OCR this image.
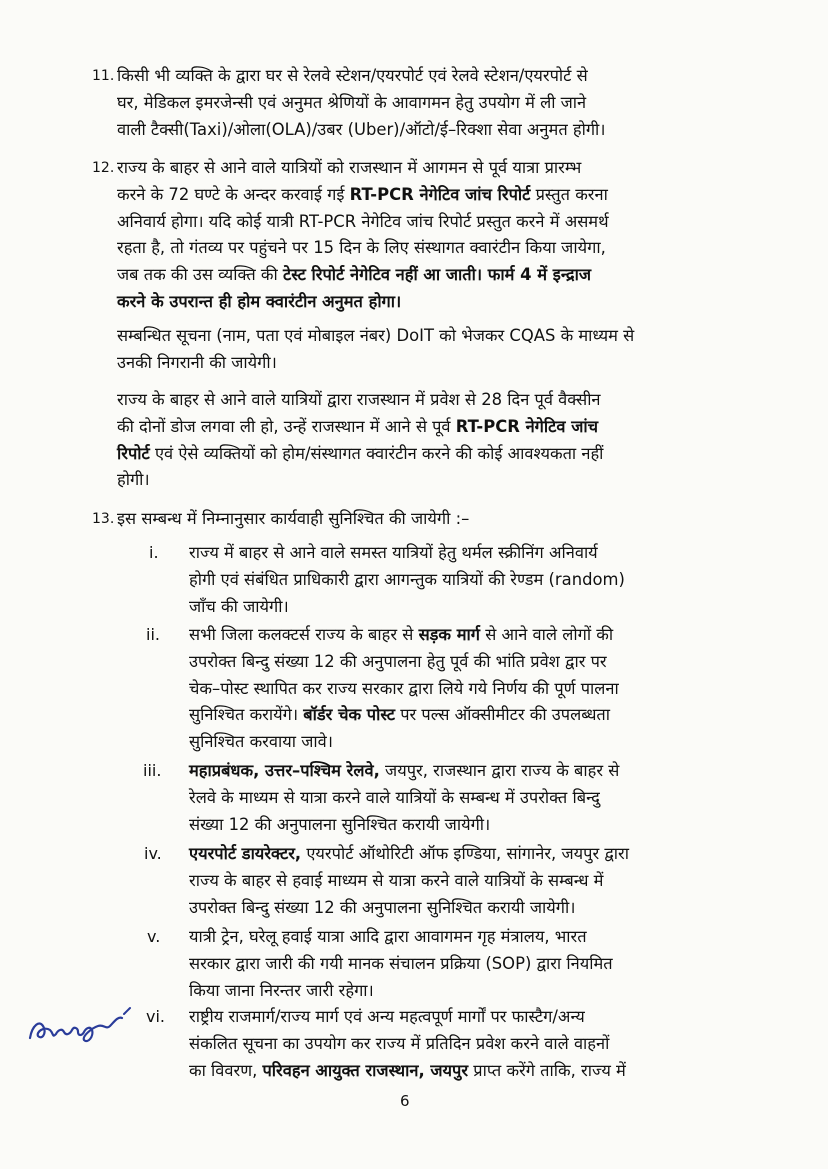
11. किसी भी व्यक्ति के द्वारा घर से रेलवे स्टेशन/एयरपोर्ट एवं रेलवे स्टेशन/एयरपोर्ट से
घर, मेडिकल इमरजेन्सी एवं अनुमत श्रेणियों के आवागमन हेतु उपयोग में ली जाने
वाली टैक्सी(Taxi)/ओला(OLA)/उबर (Uber)/ऑटो/ई–रिक्शा सेवा अनुमत होगी।
12. राज्य के बाहर से आने वाले यात्रियों को राजस्थान में आगमन से पूर्व यात्रा प्रारम्भ
करने के 72 घण्टे के अन्दर करवाई गई RT-PCR नेगेटिव जांच रिपोर्ट प्रस्तुत करना
अनिवार्य होगा। यदि कोई यात्री RT-PCR नेगेटिव जांच रिपोर्ट प्रस्तुत करने में असमर्थ
रहता है, तो गंतव्य पर पहुंचने पर 15 दिन के लिए संस्थागत क्वारंटीन किया जायेगा,
जब तक की उस व्यक्ति की टेस्ट रिपोर्ट नेगेटिव नहीं आ जाती। फार्म 4 में इन्द्राज
करने के उपरान्त ही होम क्वारंटीन अनुमत होगा।
सम्बन्धित सूचना (नाम, पता एवं मोबाइल नंबर) DoIT को भेजकर CQAS के माध्यम से
उनकी निगरानी की जायेगी।
राज्य के बाहर से आने वाले यात्रियों द्वारा राजस्थान में प्रवेश से 28 दिन पूर्व वैक्सीन
की दोनों डोज लगवा ली हो, उन्हें राजस्थान में आने से पूर्व RT-PCR नेगेटिव जांच
रिपोर्ट एवं ऐसे व्यक्तियों को होम/संस्थागत क्वारंटीन करने की कोई आवश्यकता नहीं
होगी।
13. इस सम्बन्ध में निम्नानुसार कार्यवाही सुनिश्चित की जायेगी :–
i. राज्य में बाहर से आने वाले समस्त यात्रियों हेतु थर्मल स्क्रीनिंग अनिवार्य
होगी एवं संबंधित प्राधिकारी द्वारा आगन्तुक यात्रियों की रेण्डम (random)
जाँच की जायेगी।
ii. सभी जिला कलक्टर्स राज्य के बाहर से सड़क मार्ग से आने वाले लोगों की
उपरोक्त बिन्दु संख्या 12 की अनुपालना हेतु पूर्व की भांति प्रवेश द्वार पर
चेक–पोस्ट स्थापित कर राज्य सरकार द्वारा लिये गये निर्णय की पूर्ण पालना
सुनिश्चित करायेंगे। बॉर्डर चेक पोस्ट पर पल्स ऑक्सीमीटर की उपलब्धता
सुनिश्चित करवाया जावे।
iii. महाप्रबंधक, उत्तर–पश्चिम रेलवे, जयपुर, राजस्थान द्वारा राज्य के बाहर से
रेलवे के माध्यम से यात्रा करने वाले यात्रियों के सम्बन्ध में उपरोक्त बिन्दु
संख्या 12 की अनुपालना सुनिश्चित करायी जायेगी।
iv. एयरपोर्ट डायरेक्टर, एयरपोर्ट ऑथोरिटी ऑफ इण्डिया, सांगानेर, जयपुर द्वारा
राज्य के बाहर से हवाई माध्यम से यात्रा करने वाले यात्रियों के सम्बन्ध में
उपरोक्त बिन्दु संख्या 12 की अनुपालना सुनिश्चित करायी जायेगी।
v. यात्री ट्रेन, घरेलू हवाई यात्रा आदि द्वारा आवागमन गृह मंत्रालय, भारत
सरकार द्वारा जारी की गयी मानक संचालन प्रक्रिया (SOP) द्वारा नियमित
किया जाना निरन्तर जारी रहेगा।
vi. राष्ट्रीय राजमार्ग/राज्य मार्ग एवं अन्य महत्वपूर्ण मार्गों पर फास्टैग/अन्य
संकलित सूचना का उपयोग कर राज्य में प्रतिदिन प्रवेश करने वाले वाहनों
का विवरण, परिवहन आयुक्त राजस्थान, जयपुर प्राप्त करेंगे ताकि, राज्य में
6
